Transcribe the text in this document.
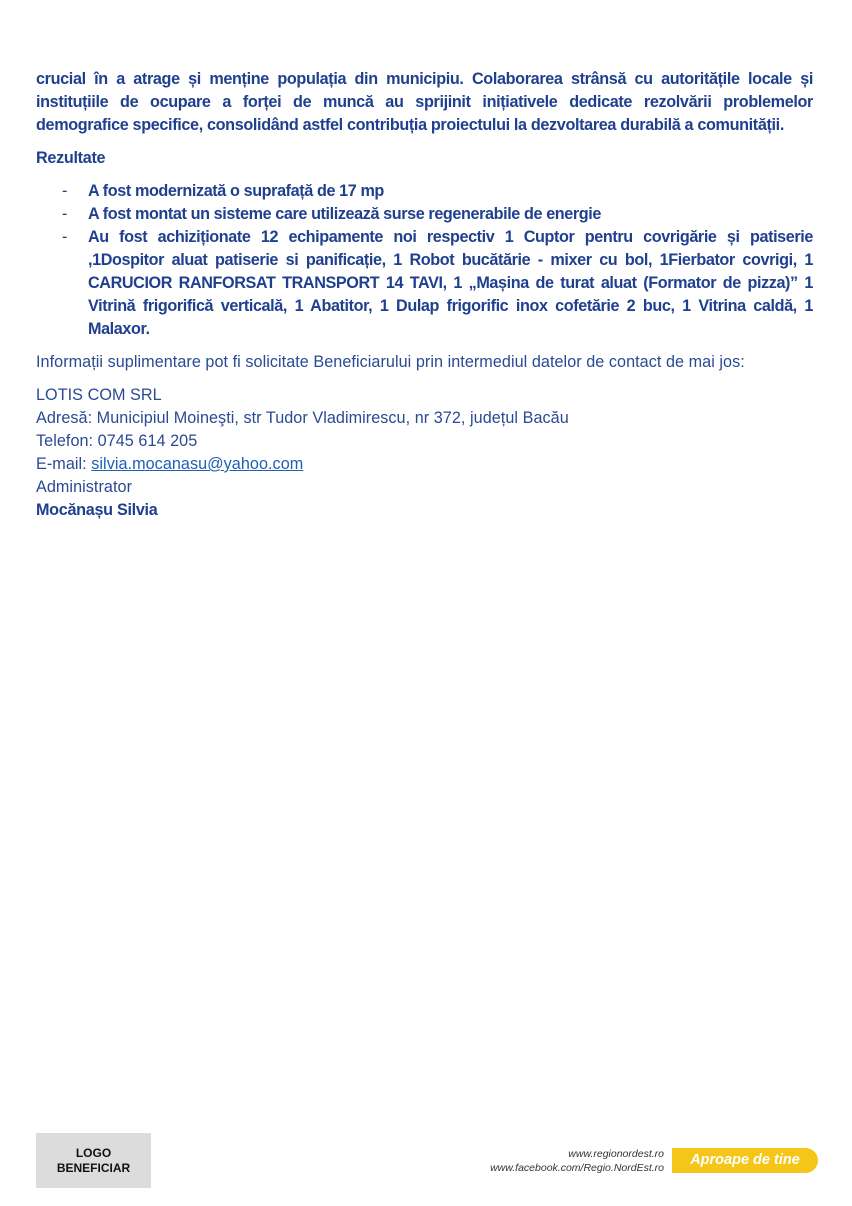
crucial în a atrage și menține populația din municipiu. Colaborarea strânsă cu autoritățile locale și instituțiile de ocupare a forței de muncă au sprijinit inițiativele dedicate rezolvării problemelor demografice specifice, consolidând astfel contribuția proiectului la dezvoltarea durabilă a comunității.

Rezultate
- A fost modernizată o suprafață de 17 mp
- A fost montat un sisteme care utilizează surse regenerabile de energie
- Au fost achiziționate 12 echipamente noi respectiv 1 Cuptor pentru covrigărie și patiserie ,1Dospitor aluat patiserie si panificație, 1 Robot bucătărie - mixer cu bol, 1Fierbator covrigi, 1 CARUCIOR RANFORSAT TRANSPORT 14 TAVI, 1 „Mașina de turat aluat (Formator de pizza)” 1 Vitrină frigorifică verticală, 1 Abatitor, 1 Dulap frigorific inox cofetărie 2 buc, 1 Vitrina caldă, 1 Malaxor.

Informații suplimentare pot fi solicitate Beneficiarului prin intermediul datelor de contact de mai jos:

LOTIS COM SRL
Adresă: Municipiul Moineşti, str Tudor Vladimirescu, nr 372, județul Bacău
Telefon: 0745 614 205
E-mail: silvia.mocanasu@yahoo.com
Administrator
Mocănașu Silvia
LOGO
BENEFICIAR
www.regionordest.ro
www.facebook.com/Regio.NordEst.ro	Aproape de tine
